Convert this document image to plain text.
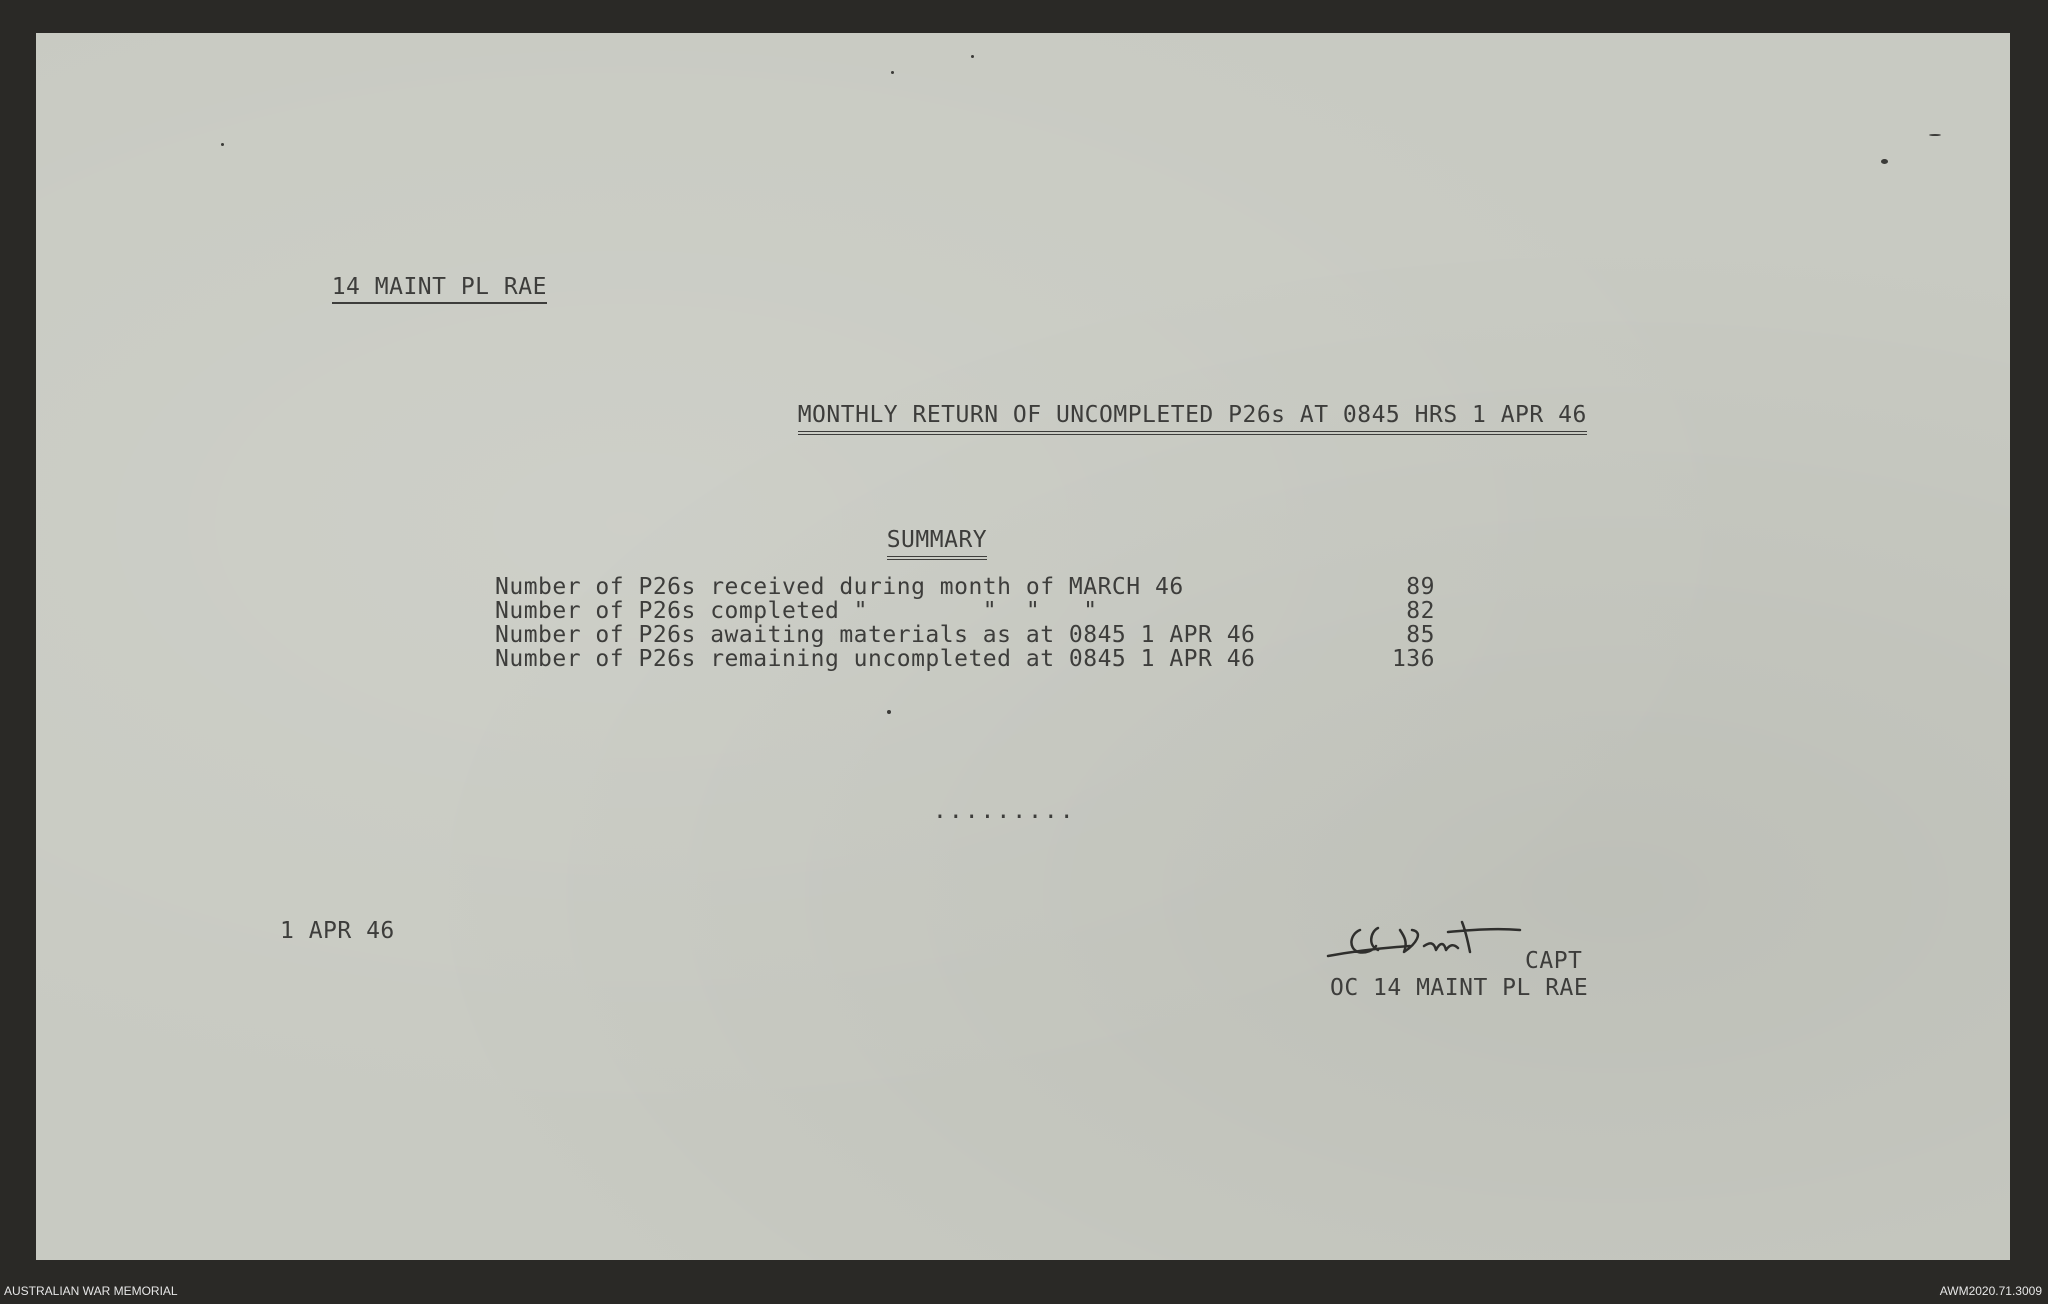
14 MAINT PL RAE

MONTHLY RETURN OF UNCOMPLETED P26s AT 0845 HRS 1 APR 46

SUMMARY

Number of P26s received during month of MARCH 46	89
Number of P26s completed "        "  "   "	82
Number of P26s awaiting materials as at 0845 1 APR 46	85
Number of P26s remaining uncompleted at 0845 1 APR 46	136
.........
1 APR 46
CAPT
OC 14 MAINT PL RAE
AUSTRALIAN WAR MEMORIAL	AWM2020.71.3009
